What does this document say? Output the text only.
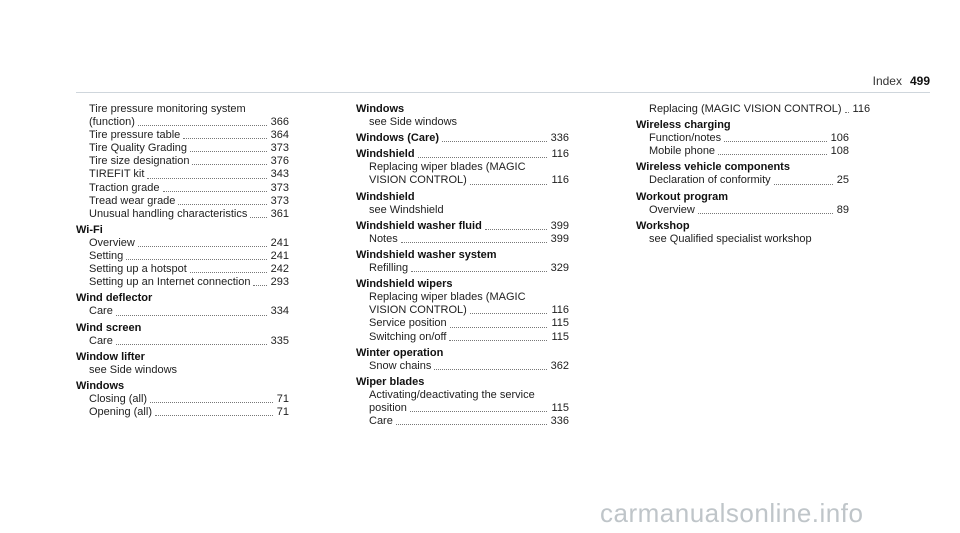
Index 499
Tire pressure monitoring system
(function)	366
Tire pressure table	364
Tire Quality Grading	373
Tire size designation	376
TIREFIT kit	343
Traction grade	373
Tread wear grade	373
Unusual handling characteristics 361
Wi-Fi
Overview	241
Setting	241
Setting up a hotspot	242
Setting up an Internet connection 293
Wind deflector
Care	334
Wind screen
Care	335
Window lifter
see Side windows
Windows
Closing (all)	71
Opening (all)	71
Windows
see Side windows
Windows (Care)	336
Windshield	116
Replacing wiper blades (MAGIC
VISION CONTROL)	116
Windshield
see Windshield
Windshield washer fluid	399
Notes	399
Windshield washer system
Refilling	329
Windshield wipers
Replacing wiper blades (MAGIC
VISION CONTROL)	116
Service position	115
Switching on/off	115
Winter operation
Snow chains	362
Wiper blades
Activating/deactivating the service
position	115
Care	336
Replacing (MAGIC VISION CONTROL) 116
Wireless charging
Function/notes	106
Mobile phone	108
Wireless vehicle components
Declaration of conformity	25
Workout program
Overview	89
Workshop
see Qualified specialist workshop
carmanualsonline.info
